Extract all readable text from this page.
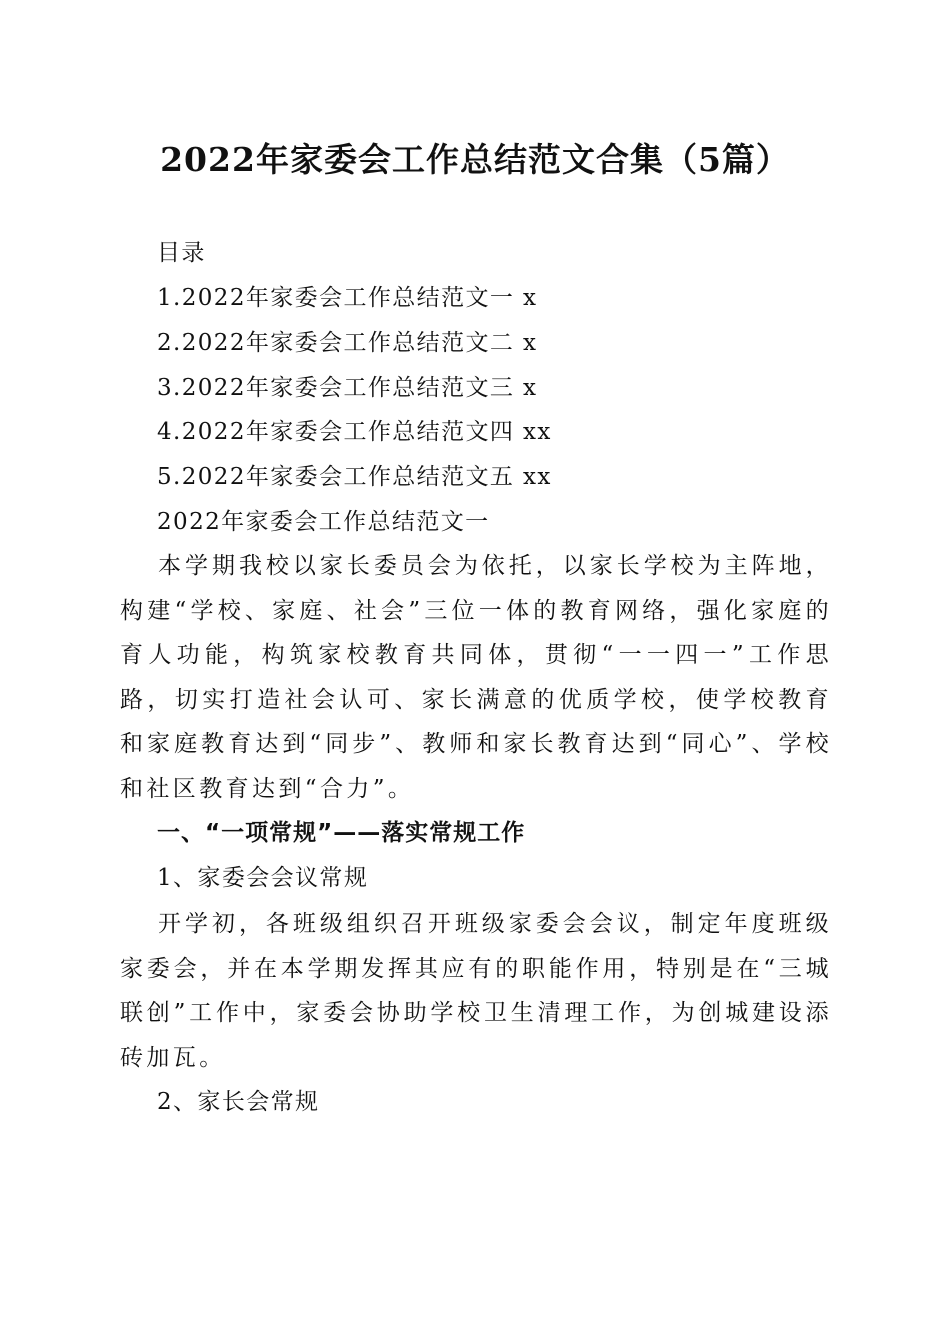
2022年家委会工作总结范文合集（5篇）
目录
1.2022年家委会工作总结范文一 x
2.2022年家委会工作总结范文二 x
3.2022年家委会工作总结范文三 x
4.2022年家委会工作总结范文四 xx
5.2022年家委会工作总结范文五 xx
2022年家委会工作总结范文一
本学期我校以家长委员会为依托，以家长学校为主阵地，构建“学校、家庭、社会”三位一体的教育网络，强化家庭的育人功能，构筑家校教育共同体，贯彻“一一四一”工作思路，切实打造社会认可、家长满意的优质学校，使学校教育和家庭教育达到“同步”、教师和家长教育达到“同心”、学校和社区教育达到“合力”。
一、“一项常规”——落实常规工作
1、家委会会议常规
开学初，各班级组织召开班级家委会会议，制定年度班级家委会，并在本学期发挥其应有的职能作用，特别是在“三城联创”工作中，家委会协助学校卫生清理工作，为创城建设添砖加瓦。
2、家长会常规
